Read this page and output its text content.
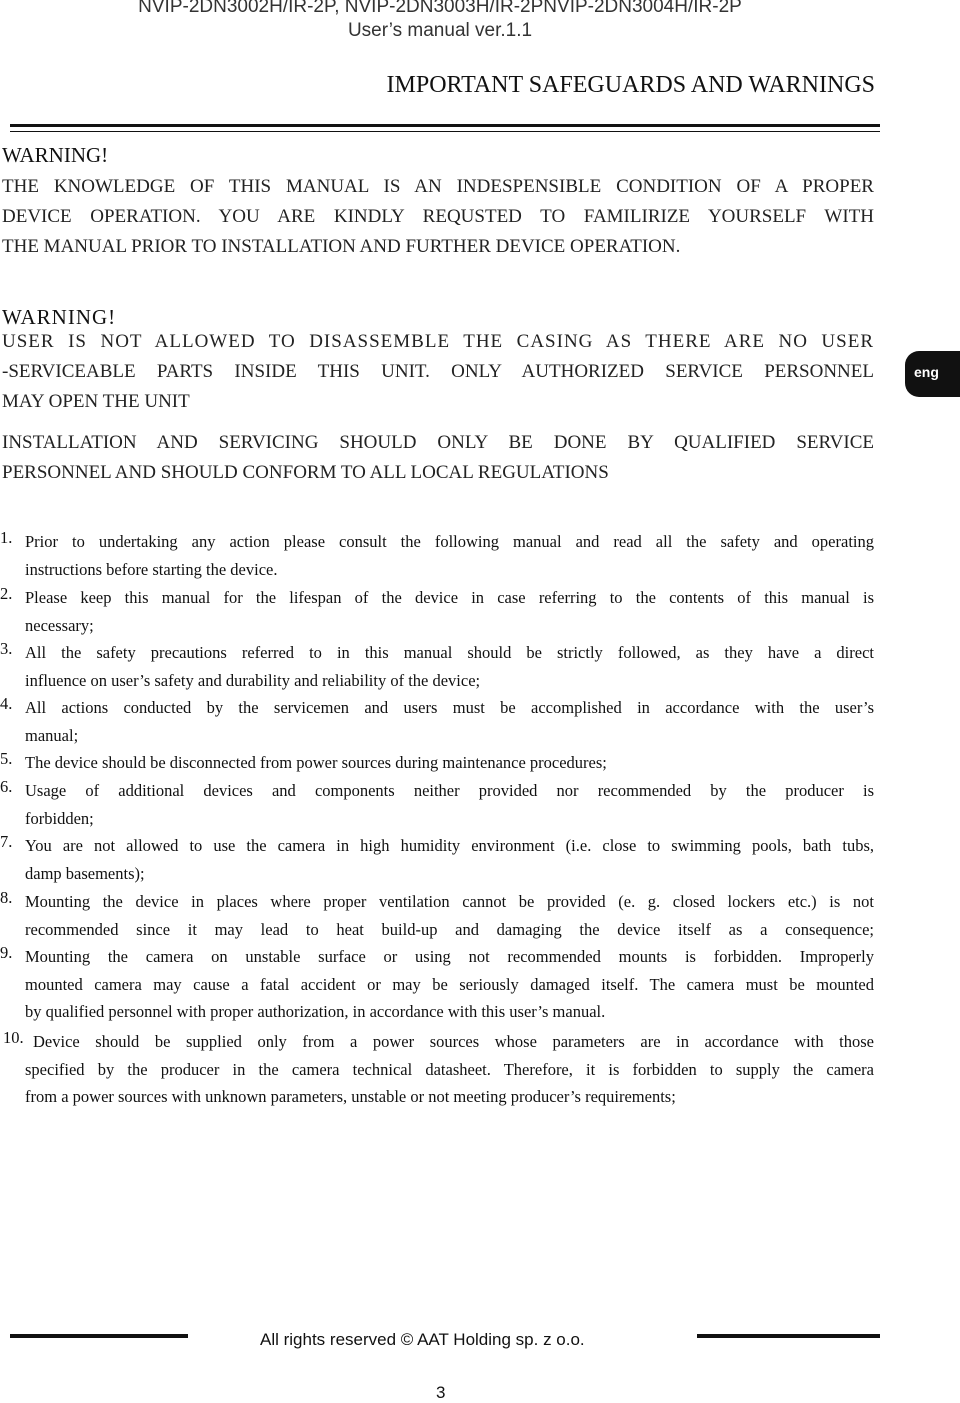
NVIP-2DN3002H/IR-2P, NVIP-2DN3003H/IR-2PNVIP-2DN3004H/IR-2P
User’s manual ver.1.1
IMPORTANT SAFEGUARDS AND WARNINGS
WARNING!
THE KNOWLEDGE OF THIS MANUAL IS AN INDESPENSIBLE CONDITION OF A PROPER
DEVICE OPERATION. YOU ARE KINDLY REQUSTED TO FAMILIRIZE YOURSELF WITH
THE MANUAL PRIOR TO INSTALLATION AND FURTHER DEVICE OPERATION.
WARNING!
USER IS NOT ALLOWED TO DISASSEMBLE THE CASING AS THERE ARE NO USER
-SERVICEABLE PARTS INSIDE THIS UNIT. ONLY AUTHORIZED SERVICE PERSONNEL
MAY OPEN THE UNIT
INSTALLATION AND SERVICING SHOULD ONLY BE DONE BY QUALIFIED SERVICE
PERSONNEL AND SHOULD CONFORM TO ALL LOCAL REGULATIONS
eng
1. Prior to undertaking any action please consult the following manual and read all the safety and operating
instructions before starting the device.
2. Please keep this manual for the lifespan of the device in case referring to the contents of this manual is
necessary;
3. All the safety precautions referred to in this manual should be strictly followed, as they have a direct
influence on user’s safety and durability and reliability of the device;
4. All actions conducted by the servicemen and users must be accomplished in accordance with the user’s
manual;
5. The device should be disconnected from power sources during maintenance procedures;
6. Usage of additional devices and components neither provided nor recommended by the producer is
forbidden;
7. You are not allowed to use the camera in high humidity environment (i.e. close to swimming pools, bath tubs,
damp basements);
8. Mounting the device in places where proper ventilation cannot be provided (e. g. closed lockers etc.) is not
recommended since it may lead to heat build-up and damaging the device itself as a consequence;
9. Mounting the camera on unstable surface or using not recommended mounts is forbidden. Improperly
mounted camera may cause a fatal accident or may be seriously damaged itself. The camera must be mounted
by qualified personnel with proper authorization, in accordance with this user’s manual.
10. Device should be supplied only from a power sources whose parameters are in accordance with those
specified by the producer in the camera technical datasheet. Therefore, it is forbidden to supply the camera
from a power sources with unknown parameters, unstable or not meeting producer’s requirements;
All rights reserved © AAT Holding sp. z o.o.
3
